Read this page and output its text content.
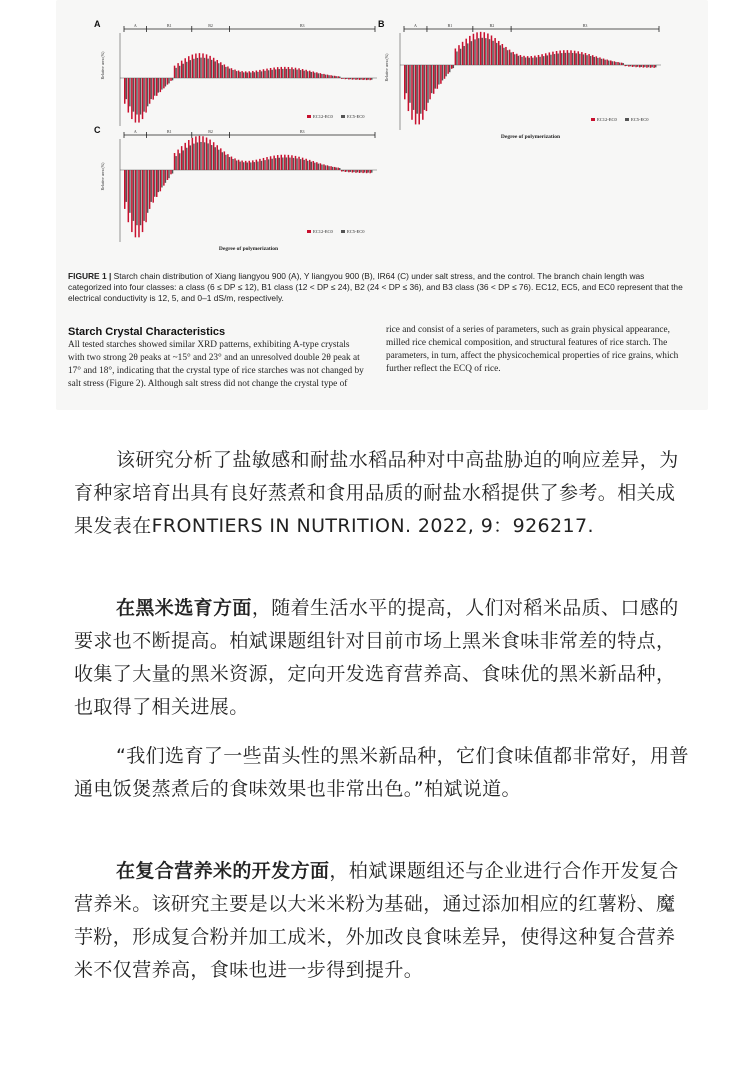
A
Relative area (%)
A	B1	B2	B3
EC12-EC0	EC5-EC0
B
Relative area (%)
A	B1	B2	B3
EC12-EC0	EC5-EC0
Degree of polymerization
C
Relative area (%)
A	B1	B2	B3
EC12-EC0	EC5-EC0
Degree of polymerization
FIGURE 1 | Starch chain distribution of Xiang liangyou 900 (A), Y liangyou 900 (B), IR64 (C) under salt stress, and the control. The branch chain length was categorized into four classes: a class (6 ≤ DP ≤ 12), B1 class (12 < DP ≤ 24), B2 (24 < DP ≤ 36), and B3 class (36 < DP ≤ 76). EC12, EC5, and EC0 represent that the electrical conductivity is 12, 5, and 0–1 dS/m, respectively.
Starch Crystal Characteristics
All tested starches showed similar XRD patterns, exhibiting A-type crystals with two strong 2θ peaks at ~15° and 23° and an unresolved double 2θ peak at 17° and 18°, indicating that the crystal type of rice starches was not changed by salt stress (Figure 2). Although salt stress did not change the crystal type of
rice and consist of a series of parameters, such as grain physical appearance, milled rice chemical composition, and structural features of rice starch. The parameters, in turn, affect the physicochemical properties of rice grains, which further reflect the ECQ of rice.
该研究分析了盐敏感和耐盐水稻品种对中高盐胁迫的响应差异，为育种家培育出具有良好蒸煮和食用品质的耐盐水稻提供了参考。相关成果发表在FRONTIERS IN NUTRITION. 2022, 9：926217.
在黑米选育方面，随着生活水平的提高，人们对稻米品质、口感的要求也不断提高。柏斌课题组针对目前市场上黑米食味非常差的特点，收集了大量的黑米资源，定向开发选育营养高、食味优的黑米新品种，也取得了相关进展。
“我们选育了一些苗头性的黑米新品种，它们食味值都非常好，用普通电饭煲蒸煮后的食味效果也非常出色。”柏斌说道。
在复合营养米的开发方面，柏斌课题组还与企业进行合作开发复合营养米。该研究主要是以大米米粉为基础，通过添加相应的红薯粉、魔芋粉，形成复合粉并加工成米，外加改良食味差异，使得这种复合营养米不仅营养高，食味也进一步得到提升。
